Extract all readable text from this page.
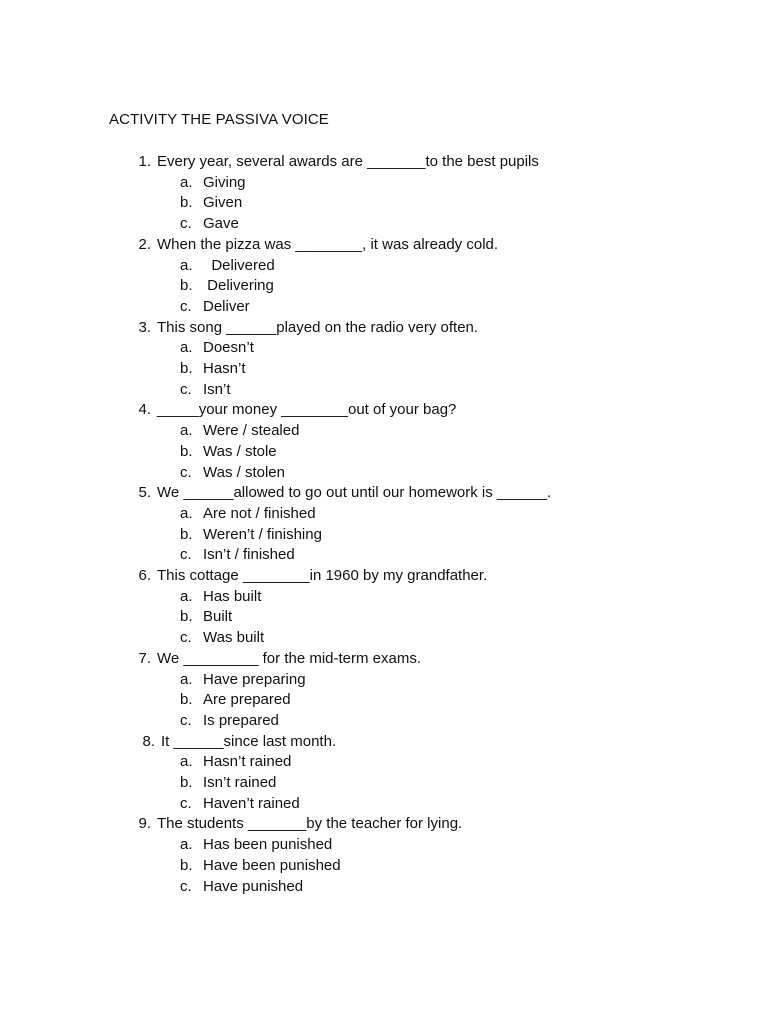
ACTIVITY THE PASSIVA VOICE
1. Every year, several awards are _______to the best pupils
a. Giving
b. Given
c. Gave
2. When the pizza was ________, it was already cold.
a. Delivered
b. Delivering
c. Deliver
3. This song ______played on the radio very often.
a. Doesn’t
b. Hasn’t
c. Isn’t
4. _____your money ________out of your bag?
a. Were / stealed
b. Was / stole
c. Was / stolen
5. We ______allowed to go out until our homework is ______.
a. Are not / finished
b. Weren’t / finishing
c. Isn’t / finished
6. This cottage ________in 1960 by my grandfather.
a. Has built
b. Built
c. Was built
7. We _________ for the mid-term exams.
a. Have preparing
b. Are prepared
c. Is prepared
8. It ______since last month.
a. Hasn’t rained
b. Isn’t rained
c. Haven’t rained
9. The students _______by the teacher for lying.
a. Has been punished
b. Have been punished
c. Have punished
